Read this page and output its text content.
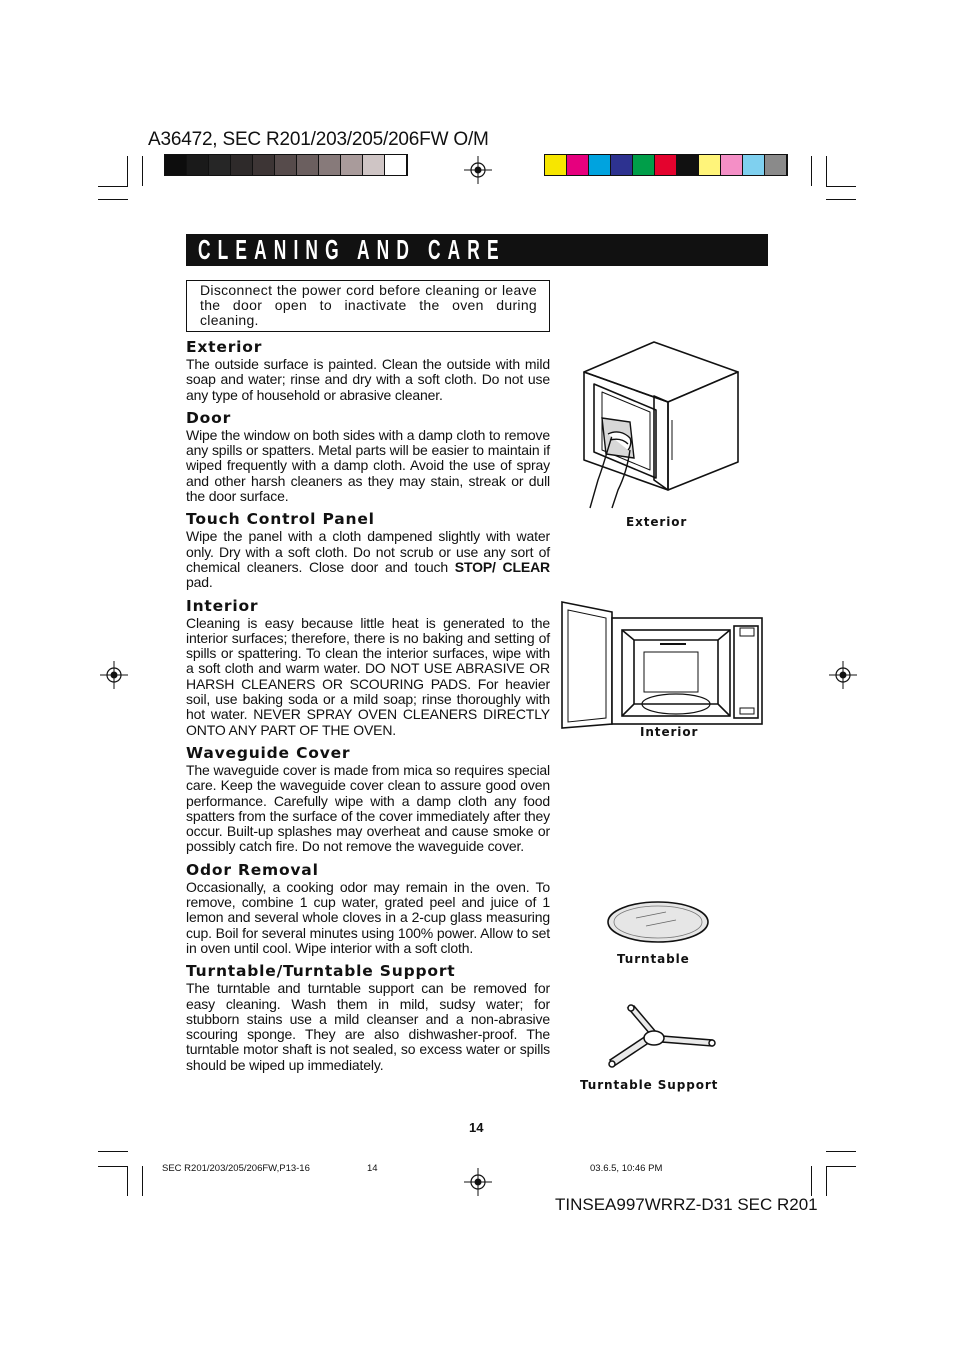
A36472, SEC R201/203/205/206FW O/M
CLEANING AND CARE
Disconnect the power cord before cleaning or leave the door open to inactivate the oven during cleaning.
Exterior

The outside surface is painted. Clean the outside with mild soap and water; rinse and dry with a soft cloth. Do not use any type of household or abrasive cleaner.

Door

Wipe the window on both sides with a damp cloth to remove any spills or spatters. Metal parts will be easier to maintain if wiped frequently with a damp cloth. Avoid the use of spray and other harsh cleaners as they may stain, streak or dull the door surface.

Touch Control Panel

Wipe the panel with a cloth dampened slightly with water only. Dry with a soft cloth. Do not scrub or use any sort of chemical cleaners. Close door and touch STOP/ CLEAR pad.

Interior

Cleaning is easy because little heat is generated to the interior surfaces; therefore, there is no baking and setting of spills or spattering. To clean the interior surfaces, wipe with a soft cloth and warm water. DO NOT USE ABRASIVE OR HARSH CLEANERS OR SCOURING PADS. For heavier soil, use baking soda or a mild soap; rinse thoroughly with hot water. NEVER SPRAY OVEN CLEANERS DIRECTLY ONTO ANY PART OF THE OVEN.

Waveguide Cover

The waveguide cover is made from mica so requires special care. Keep the waveguide cover clean to assure good oven performance. Carefully wipe with a damp cloth any food spatters from the surface of the cover immediately after they occur. Built-up splashes may overheat and cause smoke or possibly catch fire. Do not remove the waveguide cover.

Odor Removal

Occasionally, a cooking odor may remain in the oven. To remove, combine 1 cup water, grated peel and juice of 1 lemon and several whole cloves in a 2-cup glass measuring cup. Boil for several minutes using 100% power. Allow to set in oven until cool. Wipe interior with a soft cloth.

Turntable/Turntable Support

The turntable and turntable support can be removed for easy cleaning. Wash them in mild, sudsy water; for stubborn stains use a mild cleanser and a non-abrasive scouring sponge. They are also dishwasher-proof. The turntable motor shaft is not sealed, so excess water or spills should be wiped up immediately.

Exterior
Interior
Turntable
Turntable Support
14
SEC R201/203/205/206FW,P13-16	14	03.6.5, 10:46 PM
TINSEA997WRRZ-D31 SEC R201
